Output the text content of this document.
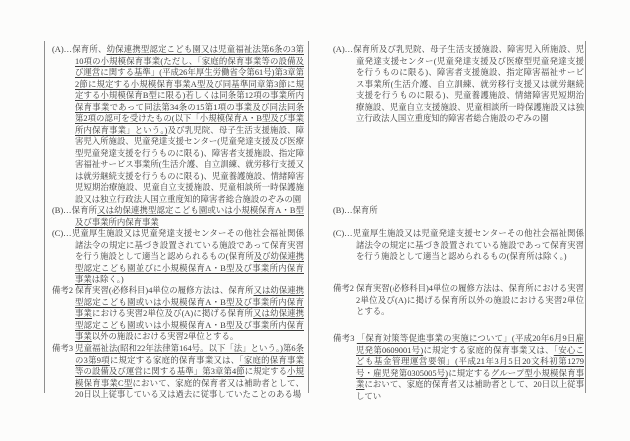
(A)…保育所、幼保連携型認定こども園又は児童福祉法第6条の3第10項の小規模保育事業(ただし、「家庭的保育事業等の設備及び運営に関する基準」(平成26年厚生労働省令第61号)第3章第2節に規定する小規模保育事業A型及び同基準同章第3節に規定する小規模保育B型に限る)若しくは同条第12項の事業所内保育事業であって同法第34条の15第1項の事業及び同法同条第2項の認可を受けたもの(以下「小規模保育A・B型及び事業所内保育事業」という。)及び乳児院、母子生活支援施設、障害児入所施設、児童発達支援センター(児童発達支援及び医療型児童発達支援を行うものに限る)、障害者支援施設、指定障害福祉サービス事業所(生活介護、自立訓練、就労移行支援又は就労継続支援を行うものに限る)、児童養護施設、情緒障害児短期治療施設、児童自立支援施設、児童相談所一時保護施設又は独立行政法人国立重度知的障害者総合施設のぞみの園
(B)…保育所又は幼保連携型認定こども園或いは小規模保育A・B型及び事業所内保育事業
(C)…児童厚生施設又は児童発達支援センターその他社会福祉関係諸法令の規定に基づき設置されている施設であって保育実習を行う施設として適当と認められるもの(保育所及び幼保連携型認定こども園並びに小規模保育A・B型及び事業所内保育事業は除く。)
備考2 保育実習(必修科目)4単位の履修方法は、保育所又は幼保連携型認定こども園或いは小規模保育A・B型及び事業所内保育事業における実習2単位及び(A)に掲げる保育所又は幼保連携型認定こども園或いは小規模保育A・B型及び事業所内保育事業以外の施設における実習2単位とする。
備考3 児童福祉法(昭和22年法律第164号。以下「法」という。)第6条の3第9項に規定する家庭的保育事業又は、「家庭的保育事業等の設備及び運営に関する基準」第3章第4節に規定する小規模保育事業C型において、家庭的保育者又は補助者として、20日以上従事している又は過去に従事していたことのある場
(A)…保育所及び乳児院、母子生活支援施設、障害児入所施設、児童発達支援センター(児童発達支援及び医療型児童発達支援を行うものに限る)、障害者支援施設、指定障害福祉サービス事業所(生活介護、自立訓練、就労移行支援又は就労継続支援を行うものに限る)、児童養護施設、情緒障害児短期治療施設、児童自立支援施設、児童相談所一時保護施設又は独立行政法人国立重度知的障害者総合施設のぞみの園
(B)…保育所
(C)…児童厚生施設又は児童発達支援センターその他社会福祉関係諸法令の規定に基づき設置されている施設であって保育実習を行う施設として適当と認められるもの(保育所は除く。)
備考2 保育実習(必修科目)4単位の履修方法は、保育所における実習2単位及び(A)に掲げる保育所以外の施設における実習2単位とする。
備考3 「保育対策等促進事業の実施について」(平成20年6月9日雇児発第0609001号)に規定する家庭的保育事業又は、「安心こども基金管理運営要領」(平成21年3月5日20文科初第1279号・雇児発第0305005号)に規定するグループ型小規模保育事業において、家庭的保育者又は補助者として、20日以上従事してい
